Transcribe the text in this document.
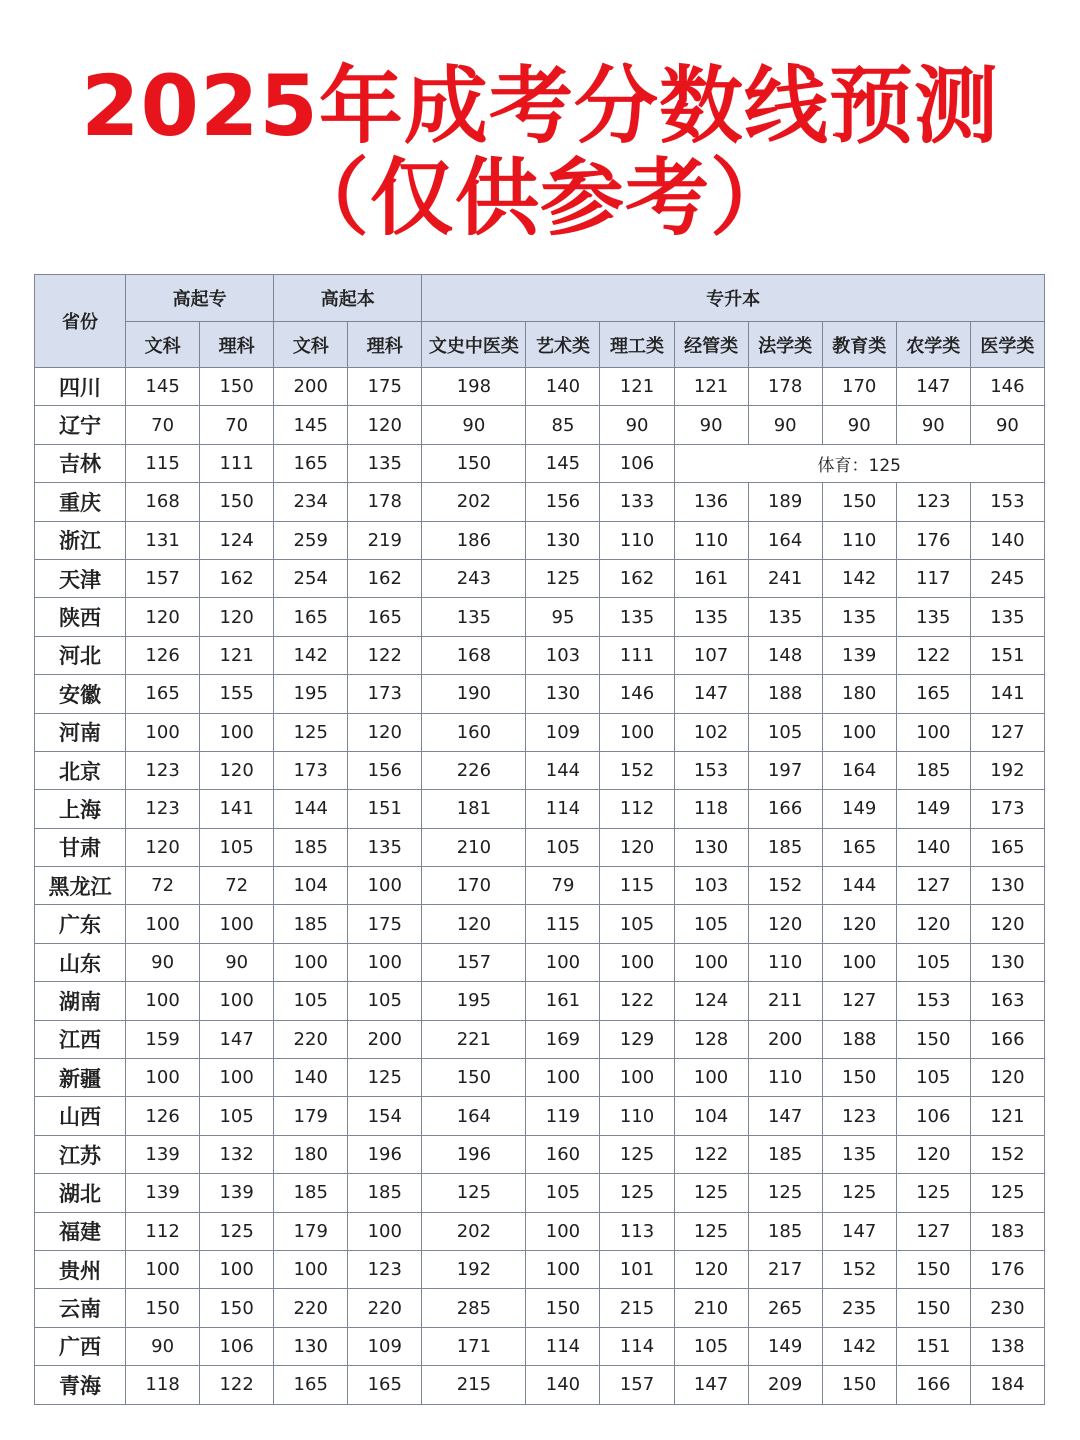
2025年成考分数线预测
（仅供参考）
省份	高起专		高起本		专升本							
	文科	理科	文科	理科	文史中医类	艺术类	理工类	经管类	法学类	教育类	农学类	医学类
四川	145	150	200	175	198	140	121	121	178	170	147	146
辽宁	70	70	145	120	90	85	90	90	90	90	90	90
吉林	115	111	165	135	150	145	106	体育：125				
重庆	168	150	234	178	202	156	133	136	189	150	123	153
浙江	131	124	259	219	186	130	110	110	164	110	176	140
天津	157	162	254	162	243	125	162	161	241	142	117	245
陕西	120	120	165	165	135	95	135	135	135	135	135	135
河北	126	121	142	122	168	103	111	107	148	139	122	151
安徽	165	155	195	173	190	130	146	147	188	180	165	141
河南	100	100	125	120	160	109	100	102	105	100	100	127
北京	123	120	173	156	226	144	152	153	197	164	185	192
上海	123	141	144	151	181	114	112	118	166	149	149	173
甘肃	120	105	185	135	210	105	120	130	185	165	140	165
黑龙江	72	72	104	100	170	79	115	103	152	144	127	130
广东	100	100	185	175	120	115	105	105	120	120	120	120
山东	90	90	100	100	157	100	100	100	110	100	105	130
湖南	100	100	105	105	195	161	122	124	211	127	153	163
江西	159	147	220	200	221	169	129	128	200	188	150	166
新疆	100	100	140	125	150	100	100	100	110	150	105	120
山西	126	105	179	154	164	119	110	104	147	123	106	121
江苏	139	132	180	196	196	160	125	122	185	135	120	152
湖北	139	139	185	185	125	105	125	125	125	125	125	125
福建	112	125	179	100	202	100	113	125	185	147	127	183
贵州	100	100	100	123	192	100	101	120	217	152	150	176
云南	150	150	220	220	285	150	215	210	265	235	150	230
广西	90	106	130	109	171	114	114	105	149	142	151	138
青海	118	122	165	165	215	140	157	147	209	150	166	184
